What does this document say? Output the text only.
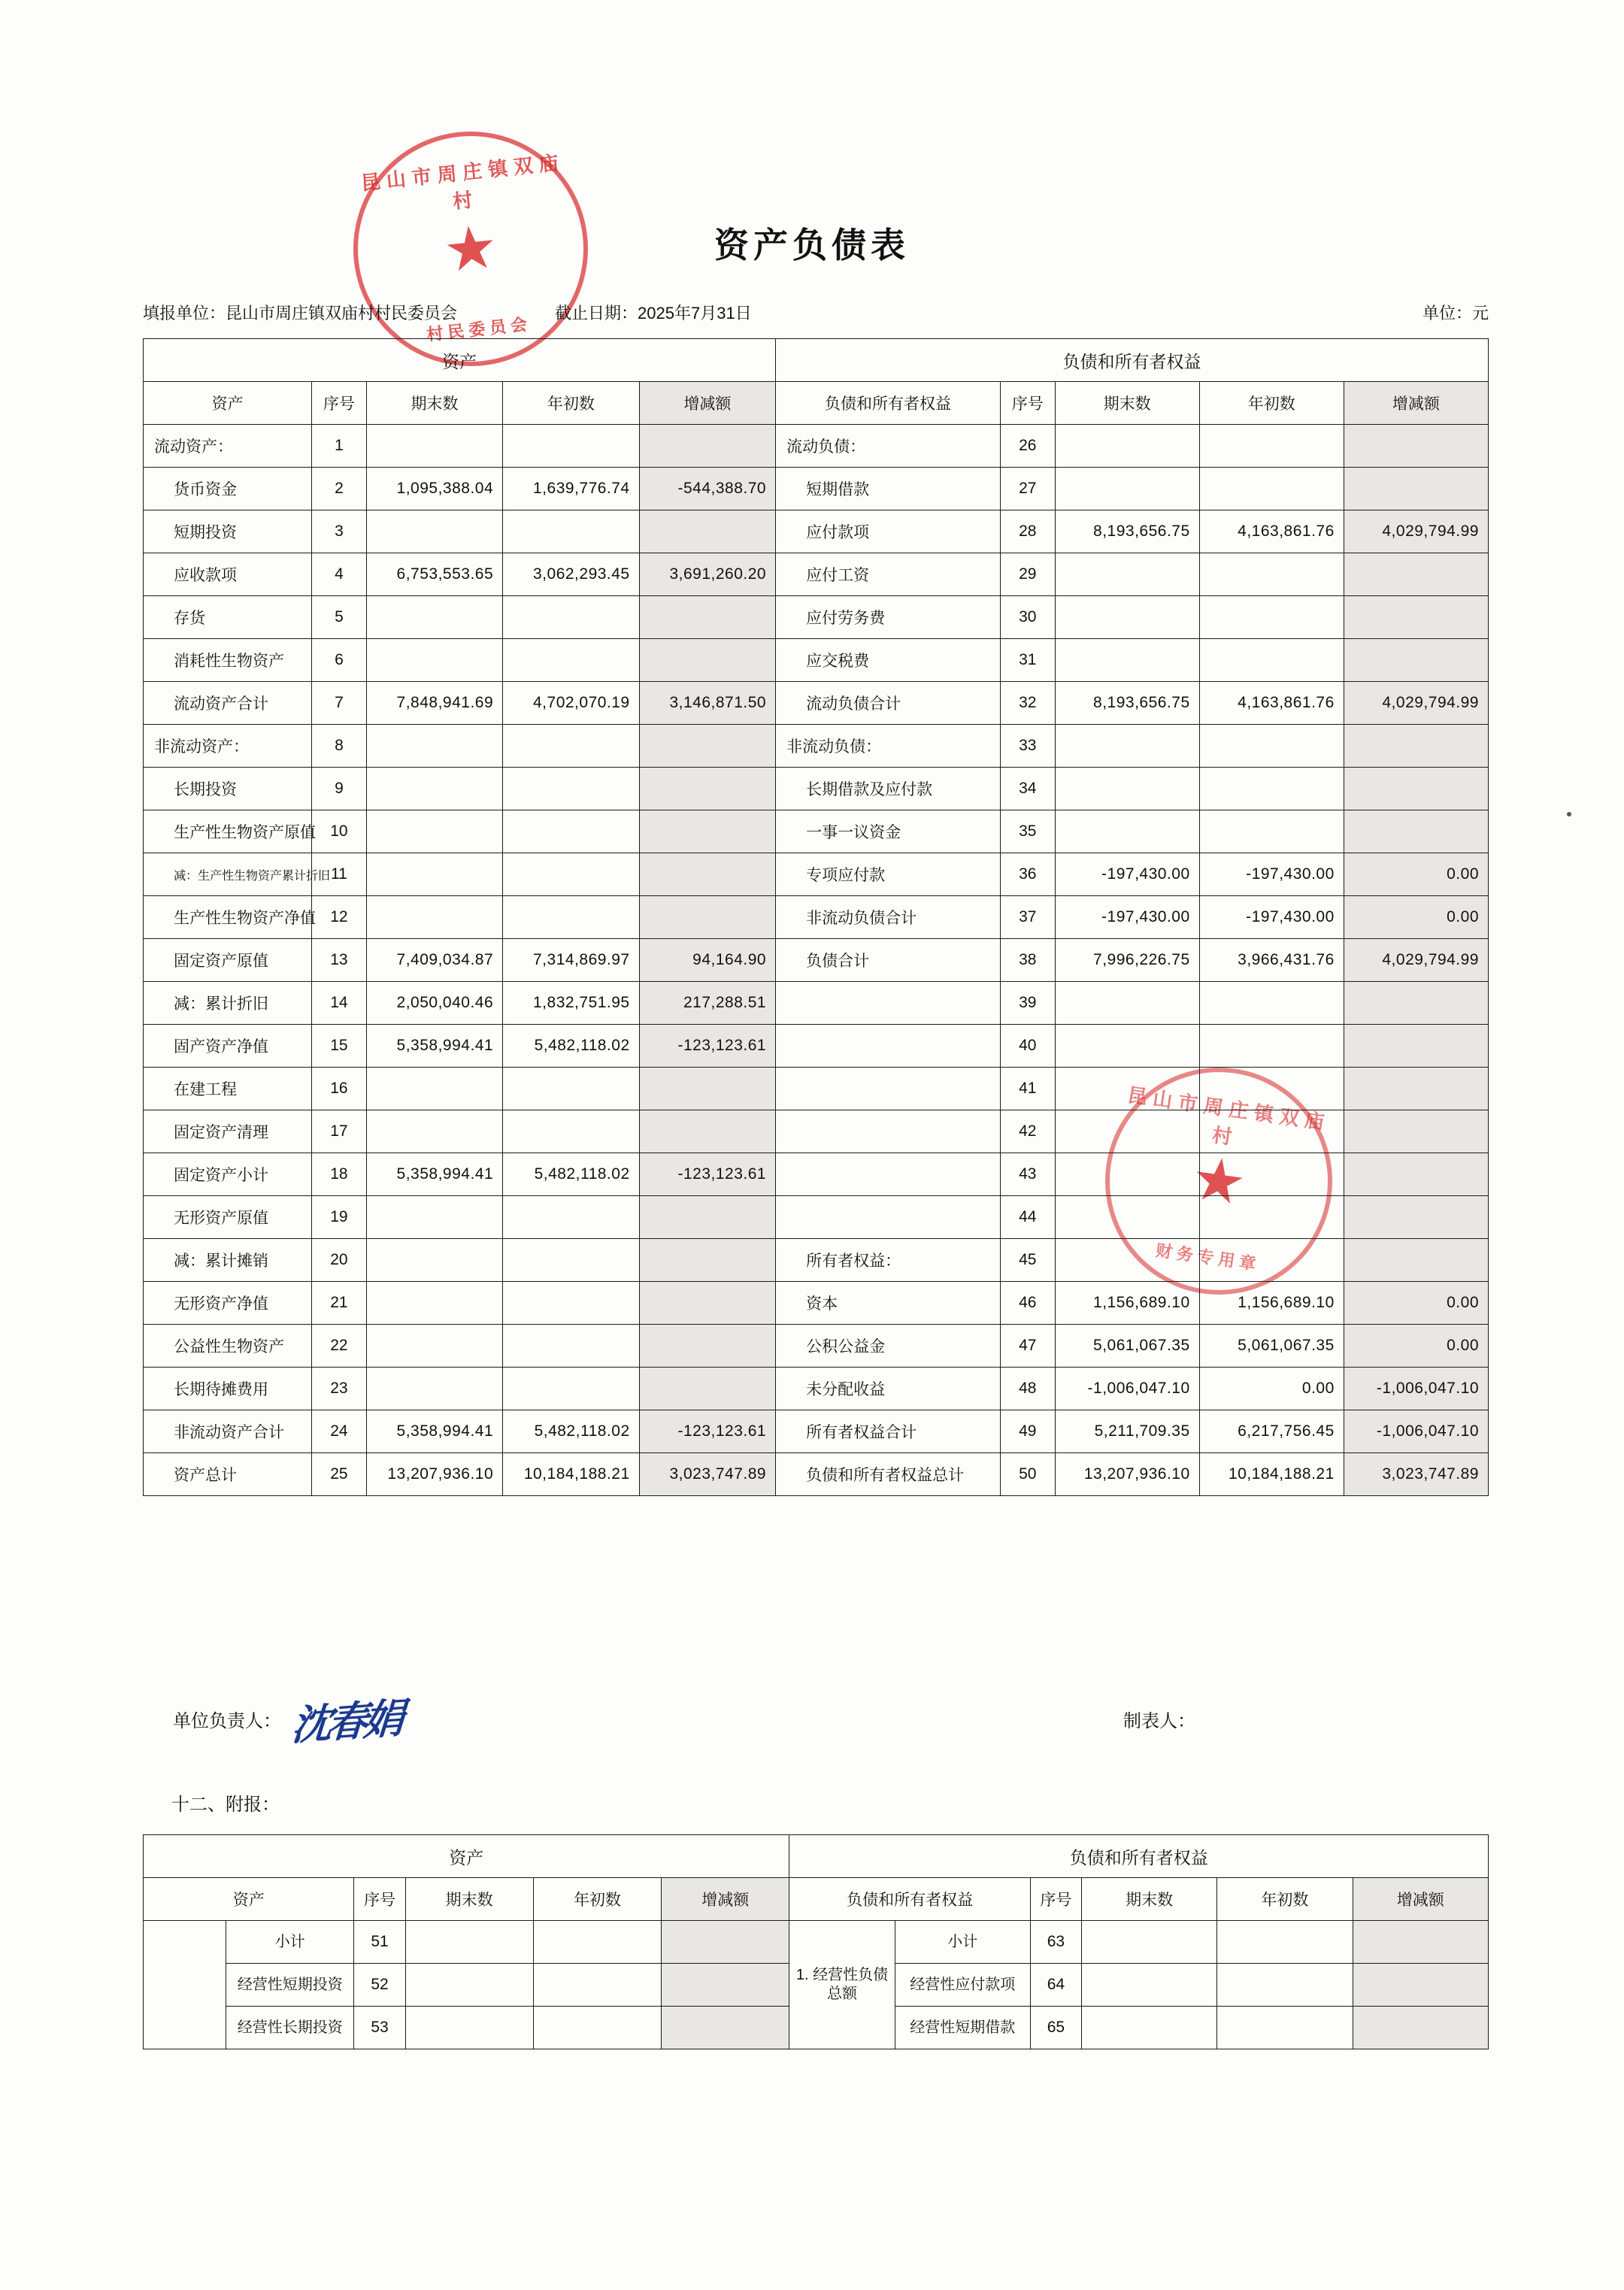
昆山市周庄镇双庙村
★
村民委员会
昆山市周庄镇双庙村
★
财务专用章
资产负债表
填报单位：昆山市周庄镇双庙村村民委员会	截止日期：2025年7月31日	单位：元
资产					负债和所有者权益				
资产	序号	期末数	年初数	增减额	负债和所有者权益	序号	期末数	年初数	增减额
流动资产：	1				流动负债：	26			
货币资金	2	1,095,388.04	1,639,776.74	-544,388.70	短期借款	27			
短期投资	3				应付款项	28	8,193,656.75	4,163,861.76	4,029,794.99
应收款项	4	6,753,553.65	3,062,293.45	3,691,260.20	应付工资	29			
存货	5				应付劳务费	30			
消耗性生物资产	6				应交税费	31			
流动资产合计	7	7,848,941.69	4,702,070.19	3,146,871.50	流动负债合计	32	8,193,656.75	4,163,861.76	4,029,794.99
非流动资产：	8				非流动负债：	33			
长期投资	9				长期借款及应付款	34			
生产性生物资产原值	10				一事一议资金	35			
减：生产性生物资产累计折旧	11				专项应付款	36	-197,430.00	-197,430.00	0.00
生产性生物资产净值	12				非流动负债合计	37	-197,430.00	-197,430.00	0.00
固定资产原值	13	7,409,034.87	7,314,869.97	94,164.90	负债合计	38	7,996,226.75	3,966,431.76	4,029,794.99
减：累计折旧	14	2,050,040.46	1,832,751.95	217,288.51		39			
固产资产净值	15	5,358,994.41	5,482,118.02	-123,123.61		40			
在建工程	16					41			
固定资产清理	17					42			
固定资产小计	18	5,358,994.41	5,482,118.02	-123,123.61		43			
无形资产原值	19					44			
减：累计摊销	20				所有者权益：	45			
无形资产净值	21				资本	46	1,156,689.10	1,156,689.10	0.00
公益性生物资产	22				公积公益金	47	5,061,067.35	5,061,067.35	0.00
长期待摊费用	23				未分配收益	48	-1,006,047.10	0.00	-1,006,047.10
非流动资产合计	24	5,358,994.41	5,482,118.02	-123,123.61	所有者权益合计	49	5,211,709.35	6,217,756.45	-1,006,047.10
资产总计	25	13,207,936.10	10,184,188.21	3,023,747.89	负债和所有者权益总计	50	13,207,936.10	10,184,188.21	3,023,747.89
单位负责人： 沈春娟	制表人：
十二、附报：
资产						负债和所有者权益					
资产		序号	期末数	年初数	增减额	负债和所有者权益		序号	期末数	年初数	增减额
	小计	51				1. 经营性负债总额	小计	63			
	经营性短期投资	52					经营性应付款项	64			
	经营性长期投资	53					经营性短期借款	65			
